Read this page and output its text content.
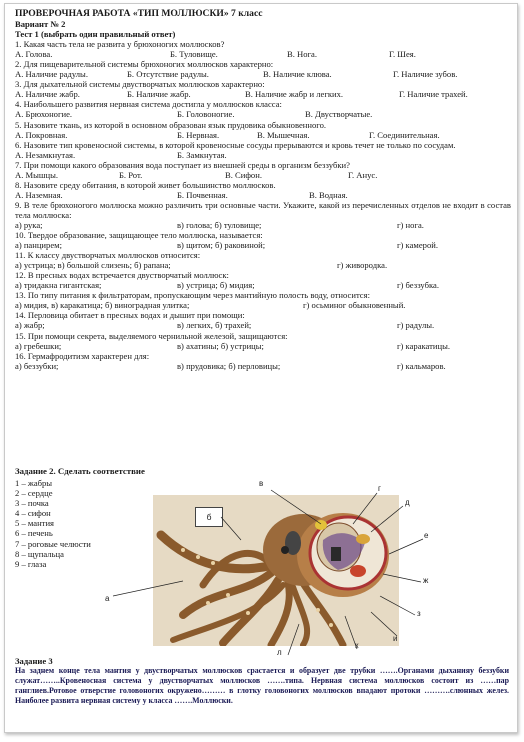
ПРОВЕРОЧНАЯ РАБОТА «ТИП МОЛЛЮСКИ» 7 класс
Вариант № 2
Тест 1 (выбрать один правильный ответ)
1. Какая часть тела не развита у брюхоногих моллюсков?
А. Голова.	Б. Туловище.	В. Нога.	Г. Шея.
2. Для пищеварительной системы брюхоногих моллюсков характерно:
А. Наличие радулы.	Б. Отсутствие радулы.	В. Наличие клюва.	Г. Наличие зубов.
3. Для дыхательной системы двустворчатых моллюсков характерно:
А. Наличие жабр.	Б. Наличие жабр.	В. Наличие жабр и легких.	Г. Наличие трахей.
4. Наибольшего развития нервная система достигла у моллюсков класса:
А. Брюхоногие.	Б. Головоногие.	В. Двустворчатые.
5. Назовите ткань, из которой в основном образован язык прудовика обыкновенного.
А. Покровная.	Б. Нервная.	В. Мышечная.	Г. Соединительная.
6. Назовите тип кровеносной системы, в которой кровеносные сосуды прерываются и кровь течет не только по сосудам.
А. Незамкнутая.	Б. Замкнутая.
7. При помощи какого образования вода поступает из внешней среды в организм беззубки?
А. Мышцы.	Б. Рот.	В. Сифон.	Г. Анус.
8. Назовите среду обитания, в которой живет большинство моллюсков.
А. Наземная.	Б. Почвенная.	В. Водная.
9. В теле брюхоногого моллюска можно различить три основные части. Укажите, какой из перечисленных отделов не входит в состав тела моллюска:
а) рука;	в) голова; б) туловище;	г) нога.
10. Твердое образование, защищающее тело моллюска, называется:
а) панцирем;	в) щитом; б) раковиной;	г) камерой.
11. К классу двустворчатых моллюсков относится:
а) устрица; в) большой слизень; б) рапана;	г) живородка.
12. В пресных водах встречается двустворчатый моллюск:
а) тридакна гигантская;	в) устрица; б) мидия;	г) беззубка.
13. По типу питания к фильтраторам, пропускающим через мантийную полость воду, относится:
а) мидия, в) каракатица; б) виноградная улитка;	г) осьминог обыкновенный.
14. Перловица обитает в пресных водах и дышит при помощи:
а) жабр;	в) легких, б) трахей;	г) радулы.
15. При помощи секрета, выделяемого чернильной железой, защищаются:
а) гребешки;	в) ахатины; б) устрицы;	г) каракатицы.
16. Гермафродитизм характерен для:
а) беззубки;	в) прудовика; б) перловицы;	г) кальмаров.
Задание 2. Сделать соответствие
1 – жабры
2 – сердце
3 – почка
4 – сифон
5 – мантия
6 – печень
7 – роговые челюсти
8 – щупальца
9 – глаза
б
в
г
д
е
ж
а
з
и
л
к
Задание 3
На заднем конце тела мантия у двустворчатых моллюсков срастается и образует две трубки …….Органами дыханияу беззубки служат……..Кровеносная система у двустворчатых моллюсков …….типа. Нервная система моллюсков состоит из ……пар ганглиев.Ротовое отверстие головоногих окружено……… в глотку головоногих моллюсков впадают протоки ……….слюнных желез. Наиболее развита нервная систему у класса …….Моллюски.
